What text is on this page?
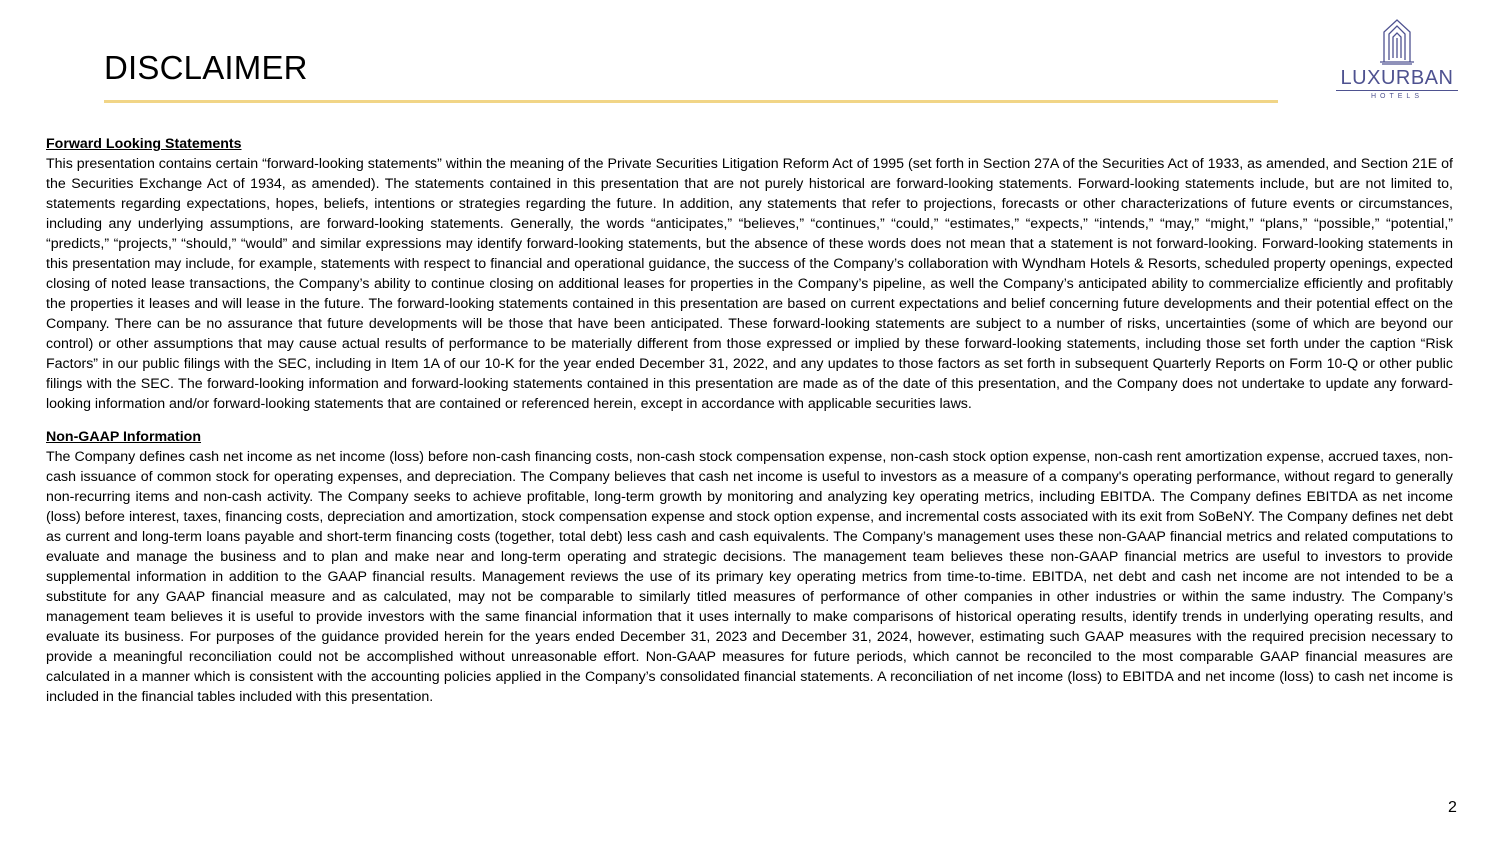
DISCLAIMER	LUXURBAN
HOTELS

Forward Looking Statements

This presentation contains certain “forward-looking statements” within the meaning of the Private Securities Litigation Reform Act of 1995 (set forth in Section 27A of the Securities Act of 1933, as amended, and Section 21E of the Securities Exchange Act of 1934, as amended). The statements contained in this presentation that are not purely historical are forward-looking statements. Forward-looking statements include, but are not limited to, statements regarding expectations, hopes, beliefs, intentions or strategies regarding the future. In addition, any statements that refer to projections, forecasts or other characterizations of future events or circumstances, including any underlying assumptions, are forward-looking statements. Generally, the words “anticipates,” “believes,” “continues,” “could,” “estimates,” “expects,” “intends,” “may,” “might,” “plans,” “possible,” “potential,” “predicts,” “projects,” “should,” “would” and similar expressions may identify forward-looking statements, but the absence of these words does not mean that a statement is not forward-looking. Forward-looking statements in this presentation may include, for example, statements with respect to financial and operational guidance, the success of the Company’s collaboration with Wyndham Hotels & Resorts, scheduled property openings, expected closing of noted lease transactions, the Company’s ability to continue closing on additional leases for properties in the Company’s pipeline, as well the Company’s anticipated ability to commercialize efficiently and profitably the properties it leases and will lease in the future. The forward-looking statements contained in this presentation are based on current expectations and belief concerning future developments and their potential effect on the Company. There can be no assurance that future developments will be those that have been anticipated. These forward-looking statements are subject to a number of risks, uncertainties (some of which are beyond our control) or other assumptions that may cause actual results of performance to be materially different from those expressed or implied by these forward-looking statements, including those set forth under the caption “Risk Factors” in our public filings with the SEC, including in Item 1A of our 10-K for the year ended December 31, 2022, and any updates to those factors as set forth in subsequent Quarterly Reports on Form 10-Q or other public filings with the SEC. The forward-looking information and forward-looking statements contained in this presentation are made as of the date of this presentation, and the Company does not undertake to update any forward-looking information and/or forward-looking statements that are contained or referenced herein, except in accordance with applicable securities laws.

Non-GAAP Information

The Company defines cash net income as net income (loss) before non-cash financing costs, non-cash stock compensation expense, non-cash stock option expense, non-cash rent amortization expense, accrued taxes, non-cash issuance of common stock for operating expenses, and depreciation. The Company believes that cash net income is useful to investors as a measure of a company's operating performance, without regard to generally non-recurring items and non-cash activity. The Company seeks to achieve profitable, long-term growth by monitoring and analyzing key operating metrics, including EBITDA. The Company defines EBITDA as net income (loss) before interest, taxes, financing costs, depreciation and amortization, stock compensation expense and stock option expense, and incremental costs associated with its exit from SoBeNY. The Company defines net debt as current and long-term loans payable and short-term financing costs (together, total debt) less cash and cash equivalents. The Company’s management uses these non-GAAP financial metrics and related computations to evaluate and manage the business and to plan and make near and long-term operating and strategic decisions. The management team believes these non-GAAP financial metrics are useful to investors to provide supplemental information in addition to the GAAP financial results. Management reviews the use of its primary key operating metrics from time-to-time. EBITDA, net debt and cash net income are not intended to be a substitute for any GAAP financial measure and as calculated, may not be comparable to similarly titled measures of performance of other companies in other industries or within the same industry. The Company’s management team believes it is useful to provide investors with the same financial information that it uses internally to make comparisons of historical operating results, identify trends in underlying operating results, and evaluate its business. For purposes of the guidance provided herein for the years ended December 31, 2023 and December 31, 2024, however, estimating such GAAP measures with the required precision necessary to provide a meaningful reconciliation could not be accomplished without unreasonable effort. Non-GAAP measures for future periods, which cannot be reconciled to the most comparable GAAP financial measures are calculated in a manner which is consistent with the accounting policies applied in the Company’s consolidated financial statements. A reconciliation of net income (loss) to EBITDA and net income (loss) to cash net income is included in the financial tables included with this presentation.

2
